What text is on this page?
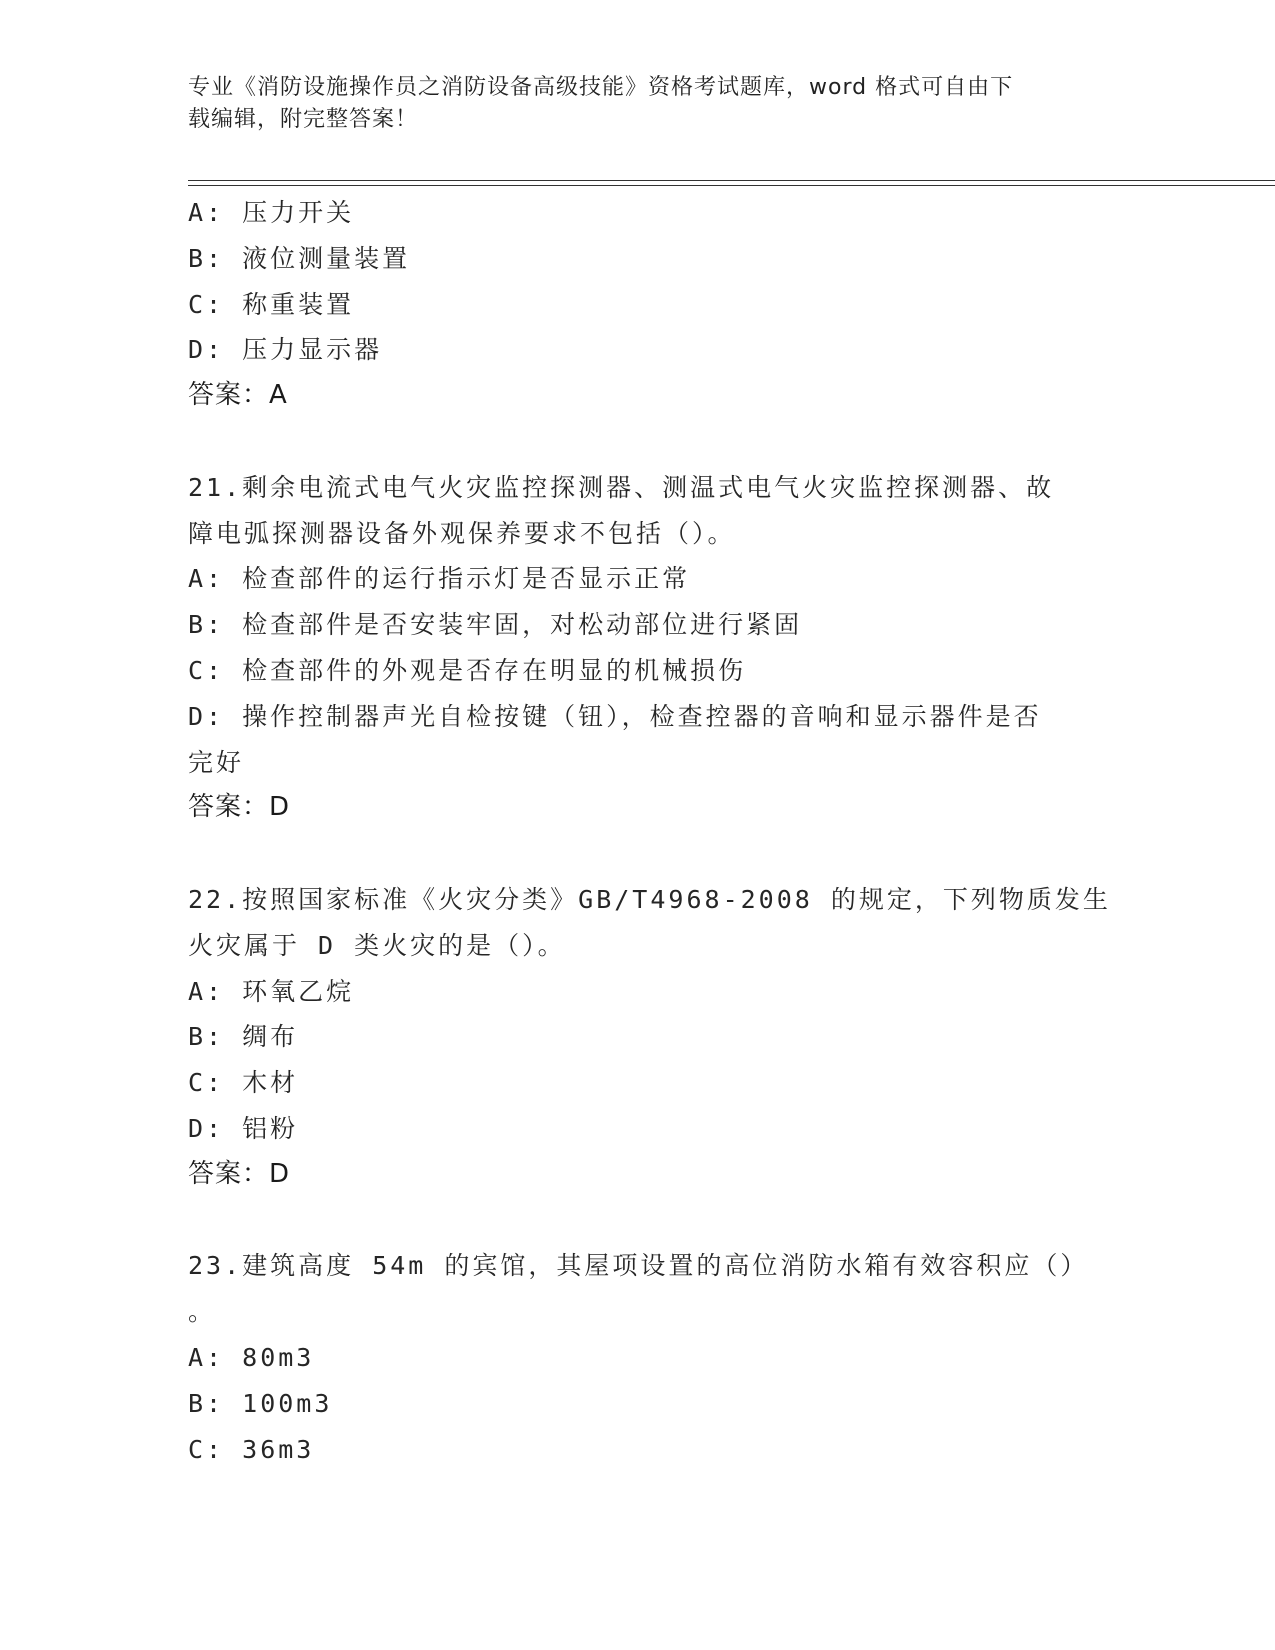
专业《消防设施操作员之消防设备高级技能》资格考试题库，word 格式可自由下
载编辑，附完整答案！
A: 压力开关
B: 液位测量装置
C: 称重装置
D: 压力显示器
答案：A
21.剩余电流式电气火灾监控探测器、测温式电气火灾监控探测器、故
障电弧探测器设备外观保养要求不包括（）。
A: 检查部件的运行指示灯是否显示正常
B: 检查部件是否安装牢固，对松动部位进行紧固
C: 检查部件的外观是否存在明显的机械损伤
D: 操作控制器声光自检按键（钮），检查控器的音响和显示器件是否
完好
答案：D
22.按照国家标准《火灾分类》GB/T4968-2008 的规定，下列物质发生
火灾属于 D 类火灾的是（）。
A: 环氧乙烷
B: 绸布
C: 木材
D: 铝粉
答案：D
23.建筑高度 54m 的宾馆，其屋项设置的高位消防水箱有效容积应（）
。
A: 80m3
B: 100m3
C: 36m3
